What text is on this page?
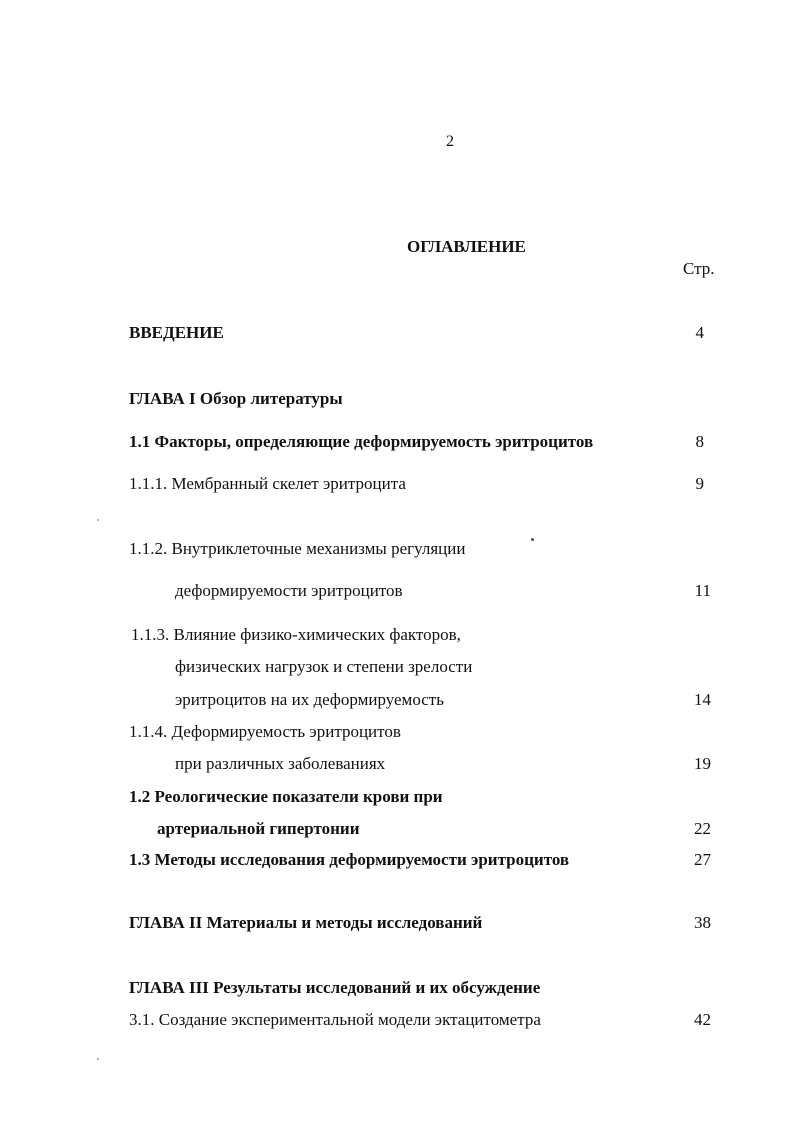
2
ОГЛАВЛЕНИЕ
Стр.
ВВЕДЕНИЕ	4
ГЛАВА I Обзор литературы
1.1 Факторы, определяющие деформируемость эритроцитов	8
1.1.1. Мембранный скелет эритроцита	9
1.1.2. Внутриклеточные механизмы регуляции
деформируемости эритроцитов	11
1.1.3. Влияние физико-химических факторов,
физических нагрузок и степени зрелости
эритроцитов на их деформируемость	14
1.1.4. Деформируемость эритроцитов
при различных заболеваниях	19
1.2 Реологические показатели крови при
артериальной гипертонии	22
1.3 Методы исследования деформируемости эритроцитов	27
ГЛАВА II Материалы и методы исследований	38
ГЛАВА III Результаты исследований и их обсуждение
3.1. Создание экспериментальной модели эктацитометра	42
